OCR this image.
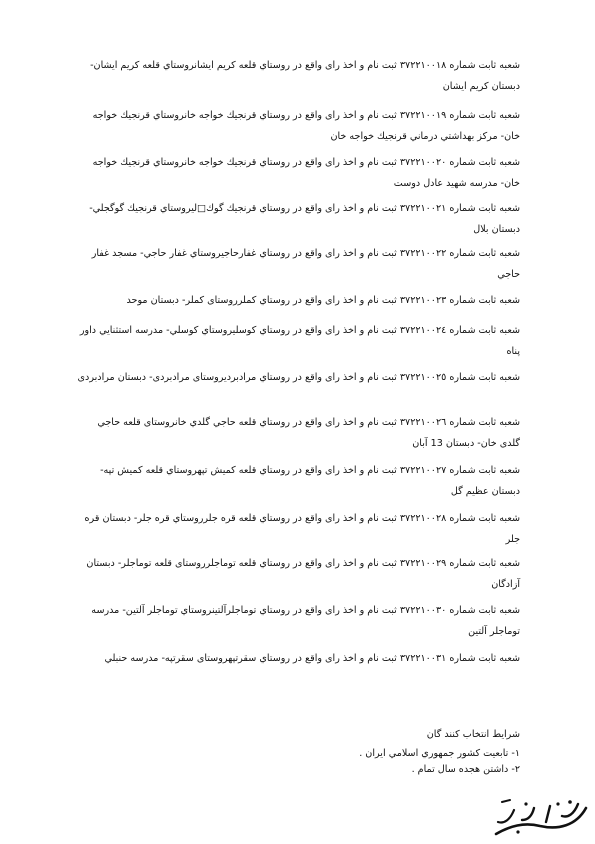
شعبه ثابت شماره ٣٧٢٢١٠٠١٨ ثبت نام و اخذ راى واقع در روستاي قلعه كريم ايشانروستاي قلعه كريم ايشان- دبستان كريم ايشان

شعبه ثابت شماره ٣٧٢٢١٠٠١٩ ثبت نام و اخذ راى واقع در روستاي قرنجيك خواجه خانروستاي قرنجيك خواجه خان- مركز بهداشتي درماني قرنجيك خواجه خان

شعبه ثابت شماره ٣٧٢٢١٠٠٢٠ ثبت نام و اخذ راى واقع در روستاي قرنجيك خواجه خانروستاي قرنجيك خواجه خان- مدرسه شهيد عادل دوست

شعبه ثابت شماره ٣٧٢٢١٠٠٢١ ثبت نام و اخذ راى واقع در روستاي قرنجيك گوك□ليروستاي قرنجيك گوگجلي- دبستان بلال

شعبه ثابت شماره ٣٧٢٢١٠٠٢٢ ثبت نام و اخذ راى واقع در روستاي غفارحاجيروستاي غفار حاجي- مسجد غفار حاجي

شعبه ثابت شماره ٣٧٢٢١٠٠٢٣ ثبت نام و اخذ راى واقع در روستاي كملرروستاى كملر- دبستان موحد

شعبه ثابت شماره ٣٧٢٢١٠٠٢٤ ثبت نام و اخذ راى واقع در روستاي كوسليروستاي كوسلي- مدرسه استثنايي داور پناه

شعبه ثابت شماره ٣٧٢٢١٠٠٢٥ ثبت نام و اخذ راى واقع در روستاي مرادبرديروستاى مرادبردى- دبستان مرادبردى

شعبه ثابت شماره ٣٧٢٢١٠٠٢٦ ثبت نام و اخذ راى واقع در روستاي قلعه حاجي گلدي خانروستاى قلعه حاجي گلدى خان- دبستان 13 آبان

شعبه ثابت شماره ٣٧٢٢١٠٠٢٧ ثبت نام و اخذ راى واقع در روستاي قلعه كميش تپهروستاي قلعه كميش تپه- دبستان عظيم گل

شعبه ثابت شماره ٣٧٢٢١٠٠٢٨ ثبت نام و اخذ راى واقع در روستاي قلعه قره جلرروستاي قره جلر- دبستان قره جلر

شعبه ثابت شماره ٣٧٢٢١٠٠٢٩ ثبت نام و اخذ راى واقع در روستاي قلعه توماجلرروستاى قلعه توماجلر- دبستان آزادگان

شعبه ثابت شماره ٣٧٢٢١٠٠٣٠ ثبت نام و اخذ راى واقع در روستاي توماجلرآلتينروستاي توماجلر آلتين- مدرسه توماجلر آلتين

شعبه ثابت شماره ٣٧٢٢١٠٠٣١ ثبت نام و اخذ راى واقع در روستاي سقرتپهروستاى سقرتپه- مدرسه حنبلي

شرايط انتخاب كنند گان

١- تابعيت كشور جمهوري اسلامي ايران .

٢- داشتن هجده سال تمام .
